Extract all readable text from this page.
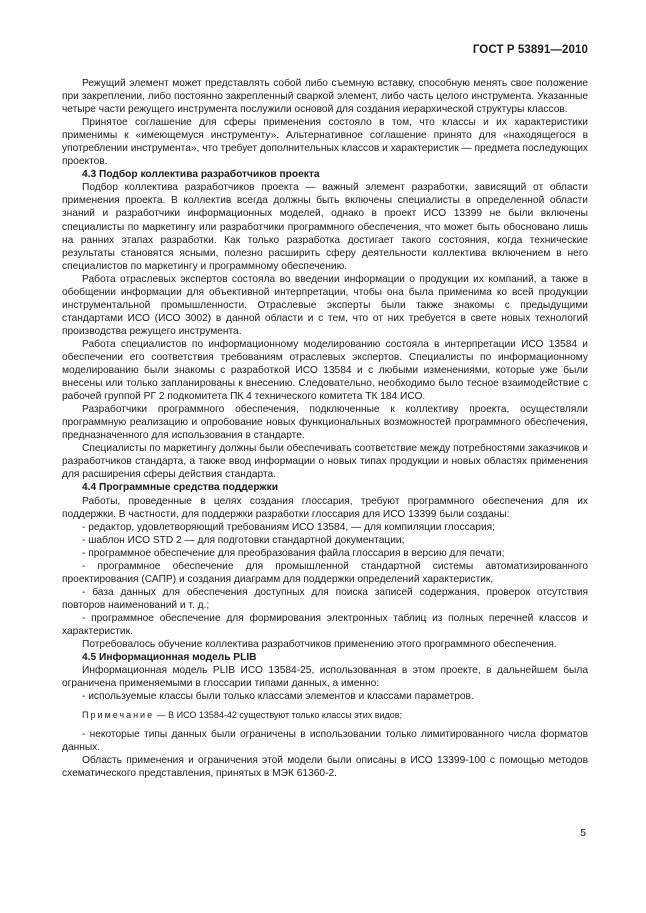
ГОСТ Р 53891—2010

Режущий элемент может представлять собой либо съемную вставку, способную менять свое положение при закреплении, либо постоянно закрепленный сваркой элемент, либо часть целого инструмента. Указанные четыре части режущего инструмента послужили основой для создания иерархической структуры классов.

Принятое соглашение для сферы применения состояло в том, что классы и их характеристики применимы к «имеющемуся инструменту». Альтернативное соглашение принято для «находящегося в употреблении инструмента», что требует дополнительных классов и характеристик — предмета последующих проектов.

4.3 Подбор коллектива разработчиков проекта

Подбор коллектива разработчиков проекта — важный элемент разработки, зависящий от области применения проекта. В коллектив всегда должны быть включены специалисты в определенной области знаний и разработчики информационных моделей, однако в проект ИСО 13399 не были включены специалисты по маркетингу или разработчики программного обеспечения, что может быть обосновано лишь на ранних этапах разработки. Как только разработка достигает такого состояния, когда технические результаты становятся ясными, полезно расширить сферу деятельности коллектива включением в него специалистов по маркетингу и программному обеспечению.

Работа отраслевых экспертов состояла во введении информации о продукции их компаний, а также в обобщении информации для объективной интерпретации, чтобы она была применима ко всей продукции инструментальной промышленности. Отраслевые эксперты были также знакомы с предыдущими стандартами ИСО (ИСО 3002) в данной области и с тем, что от них требуется в свете новых технологий производства режущего инструмента.

Работа специалистов по информационному моделированию состояла в интерпретации ИСО 13584 и обеспечении его соответствия требованиям отраслевых экспертов. Специалисты по информационному моделированию были знакомы с разработкой ИСО 13584 и с любыми изменениями, которые уже были внесены или только запланированы к внесению. Следовательно, необходимо было тесное взаимодействие с рабочей группой РГ 2 подкомитета ПК 4 технического комитета ТК 184 ИСО.

Разработчики программного обеспечения, подключенные к коллективу проекта, осуществляли программную реализацию и опробование новых функциональных возможностей программного обеспечения, предназначенного для использования в стандарте.

Специалисты по маркетингу должны были обеспечивать соответствие между потребностями заказчиков и разработчиков стандарта, а также ввод информации о новых типах продукции и новых областях применения для расширения сферы действия стандарта.

4.4 Программные средства поддержки

Работы, проведенные в целях создания глоссария, требуют программного обеспечения для их поддержки. В частности, для поддержки разработки глоссария для ИСО 13399 были созданы:

- редактор, удовлетворяющий требованиям ИСО 13584, — для компиляции глоссария;

- шаблон ИСО STD 2 — для подготовки стандартной документации;

- программное обеспечение для преобразования файла глоссария в версию для печати;

- программное обеспечение для промышленной стандартной системы автоматизированного проектирования (САПР) и создания диаграмм для поддержки определений характеристик,

- база данных для обеспечения доступных для поиска записей содержания, проверок отсутствия повторов наименований и т. д.;

- программное обеспечение для формирования электронных таблиц из полных перечней классов и характеристик.

Потребовалось обучение коллектива разработчиков применению этого программного обеспечения.

4.5 Информационная модель PLIB

Информационная модель PLIB ИСО 13584-25, использованная в этом проекте, в дальнейшем была ограничена применяемыми в глоссарии типами данных, а именно:

- используемые классы были только классами элементов и классами параметров.

Примечание — В ИСО 13584-42 существуют только классы этих видов;

- некоторые типы данных были ограничены в использовании только лимитированного числа форматов данных.

Область применения и ограничения этой модели были описаны в ИСО 13399-100 с помощью методов схематического представления, принятых в МЭК 61360-2.

5
